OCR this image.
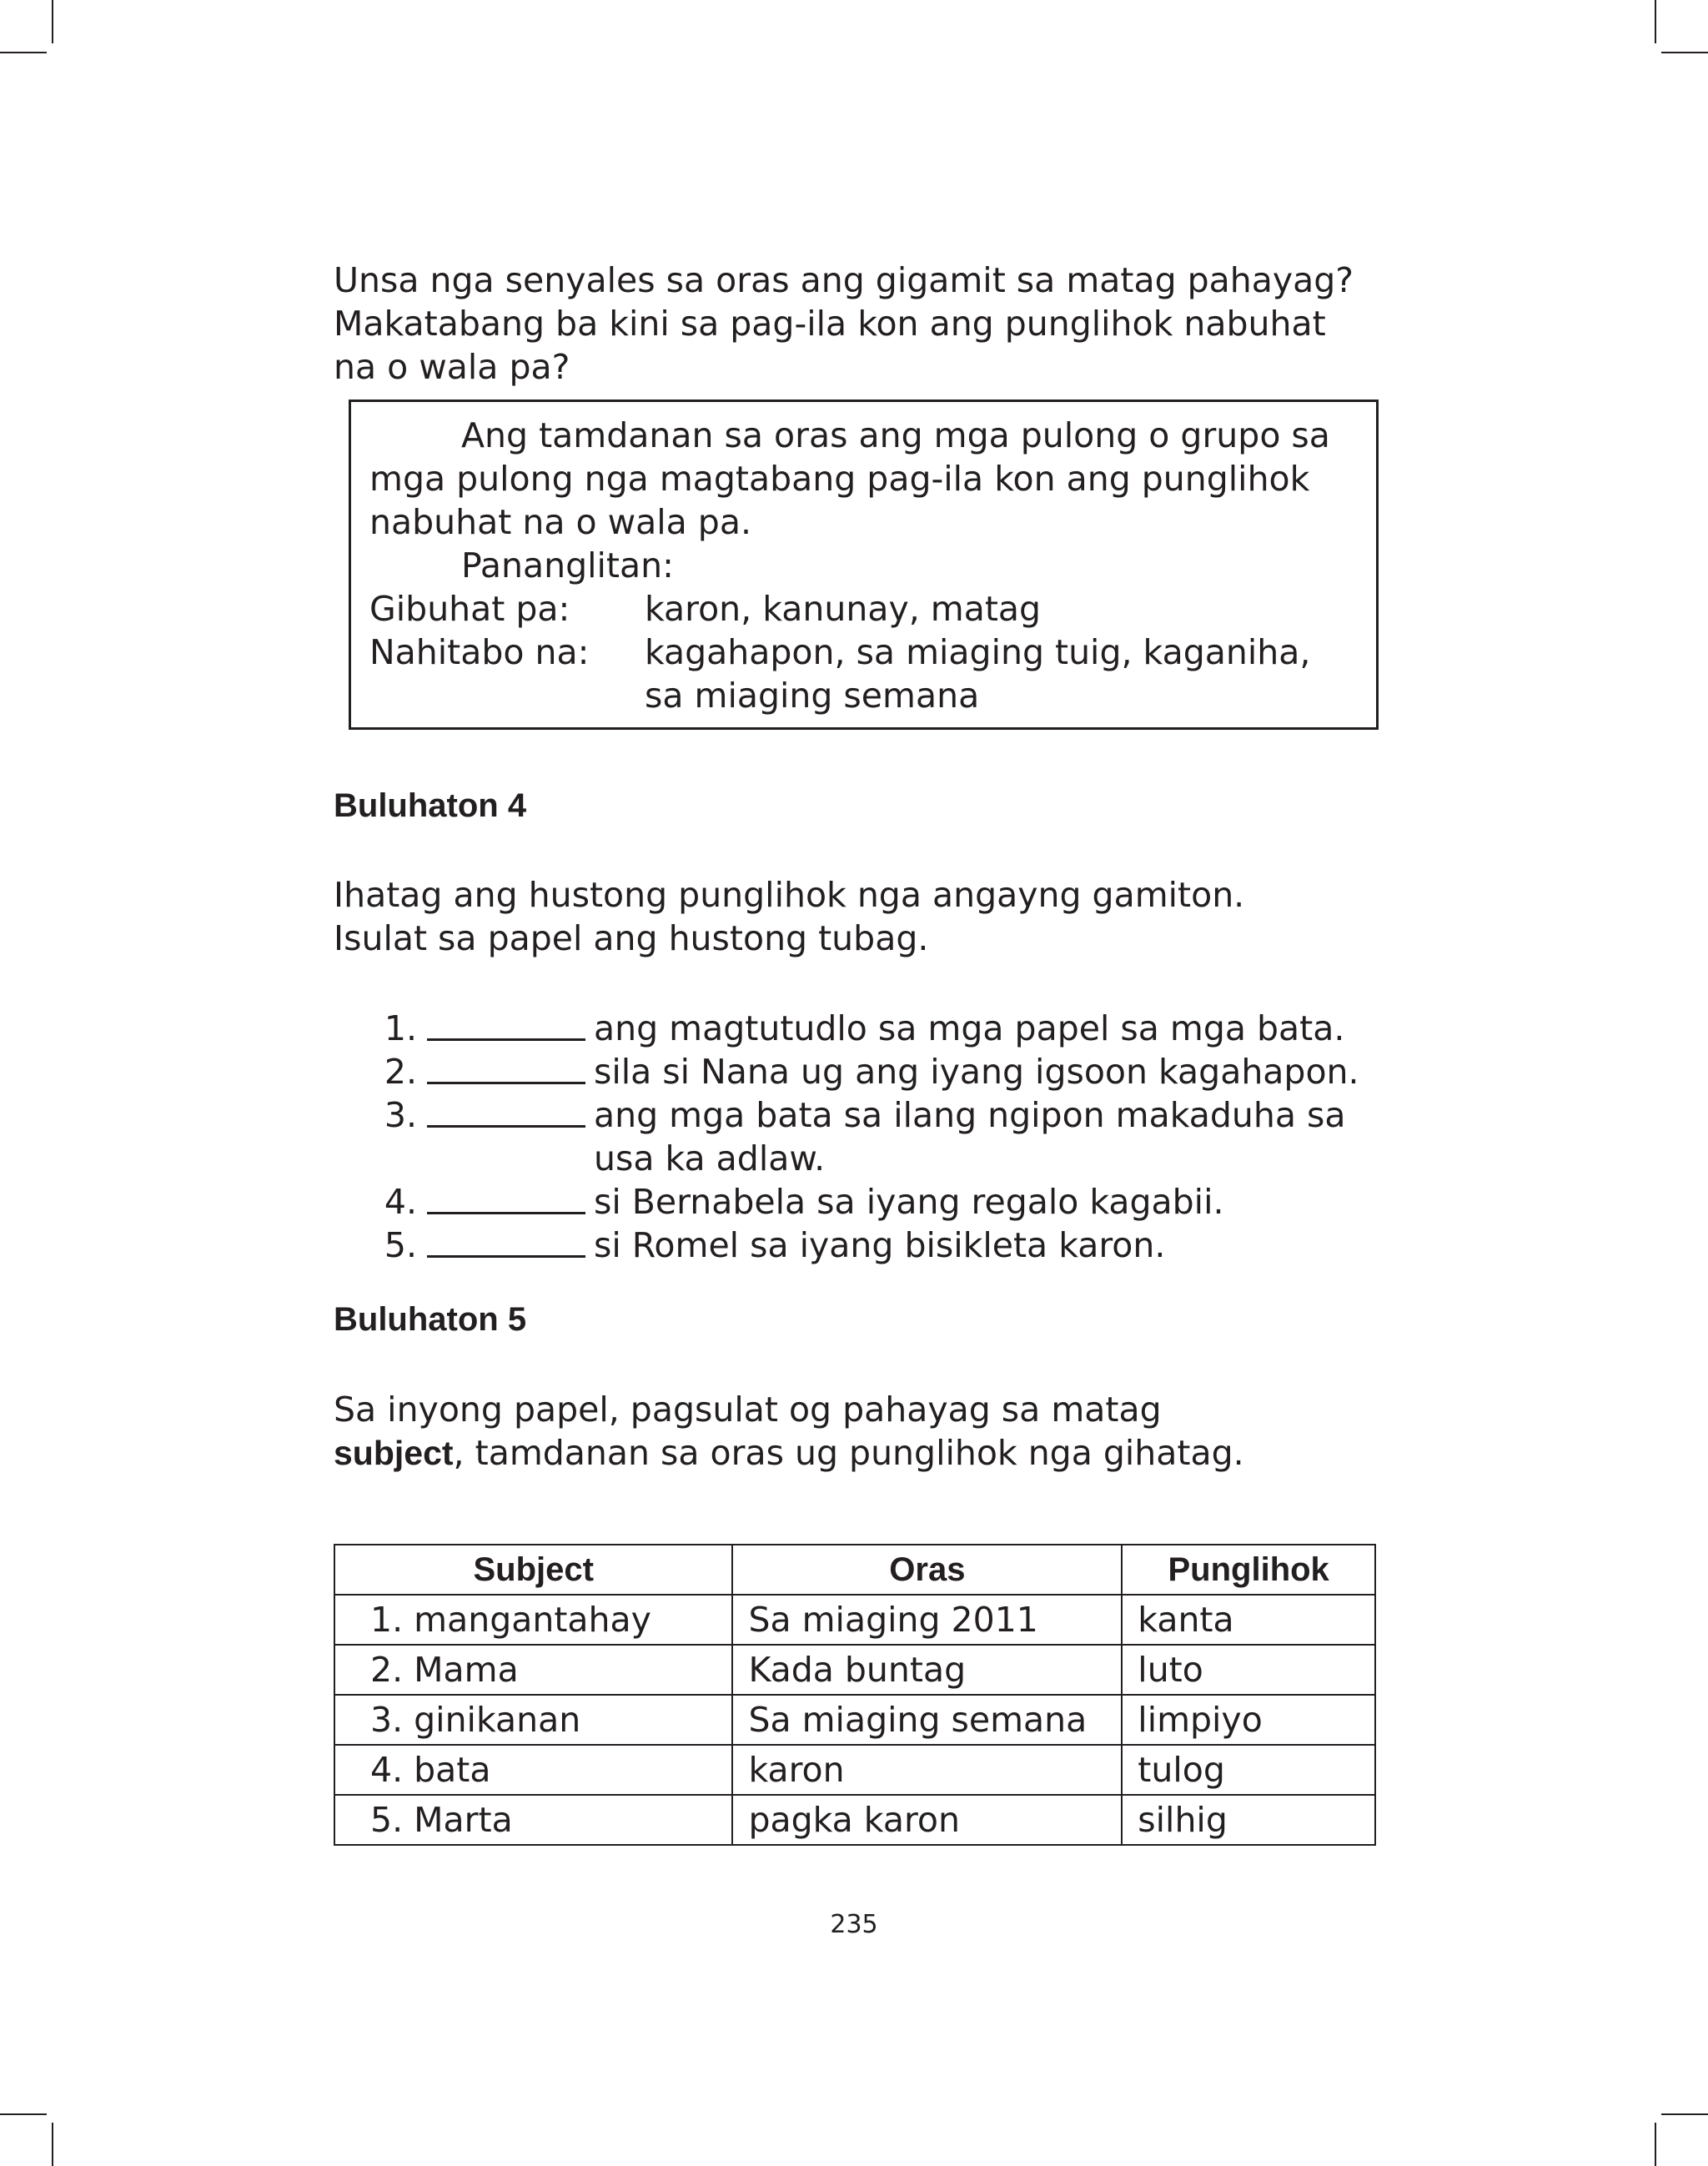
Unsa nga senyales sa oras ang gigamit sa matag pahayag?

Makatabang ba kini sa pag-ila kon ang punglihok nabuhat

na o wala pa?

Ang tamdanan sa oras ang mga pulong o grupo sa
mga pulong nga magtabang pag-ila kon ang punglihok
nabuhat na o wala pa.
Pananglitan:
Gibuhat pa:	karon, kanunay, matag
Nahitabo na:	kagahapon, sa miaging tuig, kaganiha,
sa miaging semana
Buluhaton 4

Ihatag ang hustong punglihok nga angayng gamiton.

Isulat sa papel ang hustong tubag.

1.	ang magtutudlo sa mga papel sa mga bata.
2.	sila si Nana ug ang iyang igsoon kagahapon.
3.	ang mga bata sa ilang ngipon makaduha sa
usa ka adlaw.
4.	si Bernabela sa iyang regalo kagabii.
5.	si Romel sa iyang bisikleta karon.
Buluhaton 5

Sa inyong papel, pagsulat og pahayag sa matag

subject, tamdanan sa oras ug punglihok nga gihatag.

Subject	Oras	Punglihok
1. mangantahay	Sa miaging 2011	kanta
2. Mama	Kada buntag	luto
3. ginikanan	Sa miaging semana	limpiyo
4. bata	karon	tulog
5. Marta	pagka karon	silhig
235
